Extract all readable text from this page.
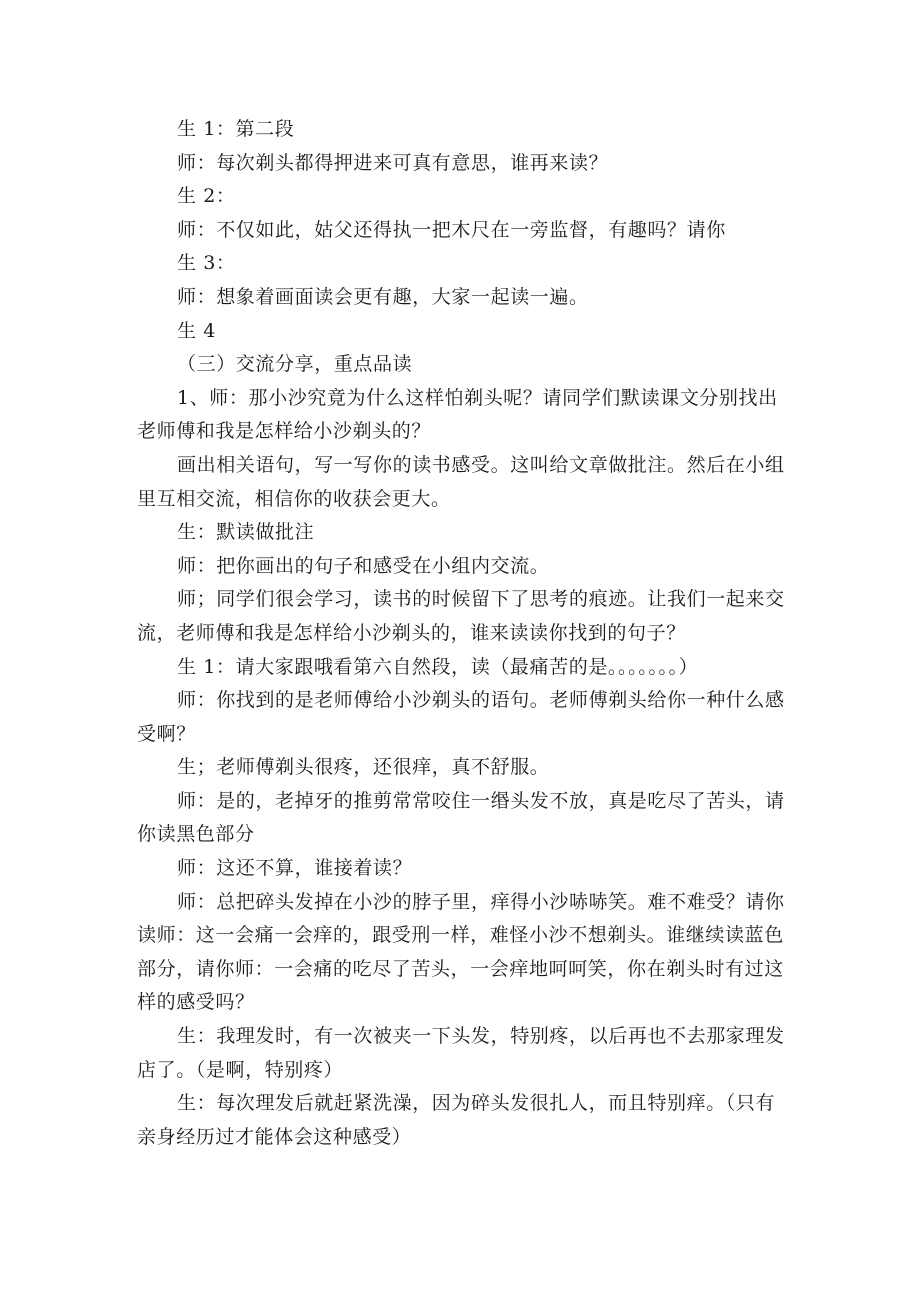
生 1：第二段

师：每次剃头都得押进来可真有意思，谁再来读？

生 2：

师：不仅如此，姑父还得执一把木尺在一旁监督，有趣吗？请你

生 3：

师：想象着画面读会更有趣，大家一起读一遍。

生 4

（三）交流分享，重点品读

1、师：那小沙究竟为什么这样怕剃头呢？请同学们默读课文分别找出老师傅和我是怎样给小沙剃头的？

画出相关语句，写一写你的读书感受。这叫给文章做批注。然后在小组里互相交流，相信你的收获会更大。

生：默读做批注

师：把你画出的句子和感受在小组内交流。

师；同学们很会学习，读书的时候留下了思考的痕迹。让我们一起来交流，老师傅和我是怎样给小沙剃头的，谁来读读你找到的句子？

生 1：请大家跟哦看第六自然段，读（最痛苦的是。。。。。。。）

师：你找到的是老师傅给小沙剃头的语句。老师傅剃头给你一种什么感受啊？

生；老师傅剃头很疼，还很痒，真不舒服。

师：是的，老掉牙的推剪常常咬住一缗头发不放，真是吃尽了苦头，请你读黑色部分

师：这还不算，谁接着读？

师：总把碎头发掉在小沙的脖子里，痒得小沙哧哧笑。难不难受？请你读师：这一会痛一会痒的，跟受刑一样，难怪小沙不想剃头。谁继续读蓝色部分，请你师：一会痛的吃尽了苦头，一会痒地呵呵笑，你在剃头时有过这样的感受吗？

生：我理发时，有一次被夹一下头发，特别疼，以后再也不去那家理发店了。（是啊，特别疼）

生：每次理发后就赶紧洗澡，因为碎头发很扎人，而且特别痒。（只有亲身经历过才能体会这种感受）
